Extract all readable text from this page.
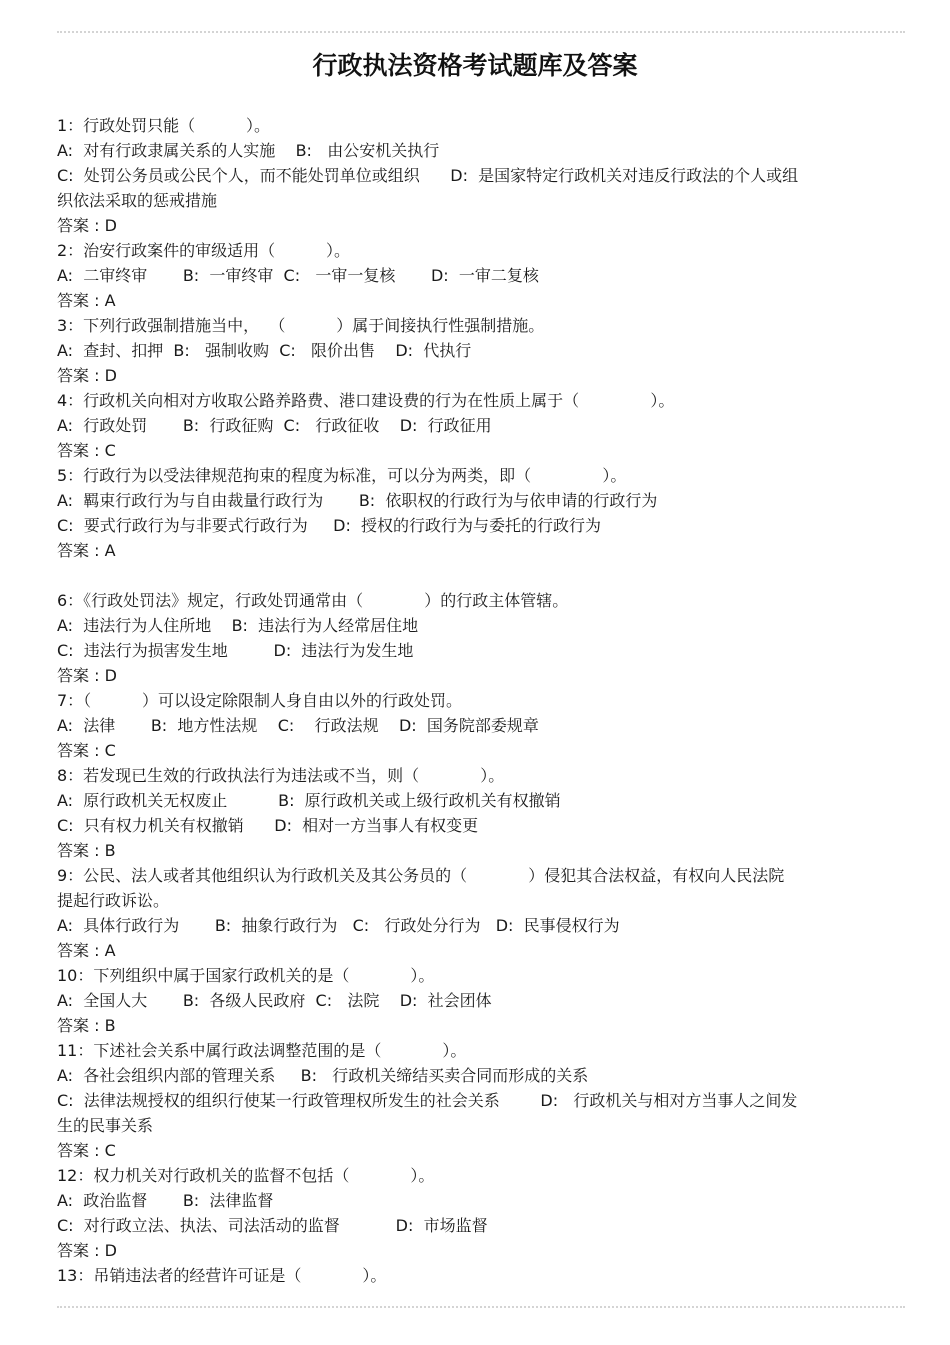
行政执法资格考试题库及答案
1：行政处罚只能（          ）。
A:  对有行政隶属关系的人实施    B:   由公安机关执行
C:  处罚公务员或公民个人，而不能处罚单位或组织      D:  是国家特定行政机关对违反行政法的个人或组
织依法采取的惩戒措施
答案 : D
2：治安行政案件的审级适用（          ）。
A:  二审终审       B:  一审终审  C:   一审一复核       D:  一审二复核
答案 : A
3：下列行政强制措施当中，  （          ）属于间接执行性强制措施。
A:  查封、扣押  B:   强制收购  C:   限价出售    D:  代执行
答案 : D
4：行政机关向相对方收取公路养路费、港口建设费的行为在性质上属于（              ）。
A:  行政处罚       B:  行政征购  C:   行政征收    D:  行政征用
答案 : C
5：行政行为以受法律规范拘束的程度为标准，可以分为两类，即（              ）。
A:  羁束行政行为与自由裁量行政行为       B:  依职权的行政行为与依申请的行政行为
C:  要式行政行为与非要式行政行为     D:  授权的行政行为与委托的行政行为
答案 : A
6：《行政处罚法》规定，行政处罚通常由（            ）的行政主体管辖。
A:  违法行为人住所地    B:  违法行为人经常居住地
C:  违法行为损害发生地         D:  违法行为发生地
答案 : D
7：（          ）可以设定除限制人身自由以外的行政处罚。
A:  法律       B:  地方性法规    C:    行政法规    D:  国务院部委规章
答案 : C
8：若发现已生效的行政执法行为违法或不当，则（            ）。
A:  原行政机关无权废止          B:  原行政机关或上级行政机关有权撤销
C:  只有权力机关有权撤销      D:  相对一方当事人有权变更
答案 : B
9：公民、法人或者其他组织认为行政机关及其公务员的（            ）侵犯其合法权益，有权向人民法院
提起行政诉讼。
A:  具体行政行为       B:  抽象行政行为   C:   行政处分行为   D:  民事侵权行为
答案 : A
10：下列组织中属于国家行政机关的是（            ）。
A:  全国人大       B:  各级人民政府  C:   法院    D:  社会团体
答案 : B
11：下述社会关系中属行政法调整范围的是（            ）。
A:  各社会组织内部的管理关系     B:   行政机关缔结买卖合同而形成的关系
C:  法律法规授权的组织行使某一行政管理权所发生的社会关系        D:   行政机关与相对方当事人之间发
生的民事关系
答案 : C
12：权力机关对行政机关的监督不包括（            ）。
A:  政治监督       B:  法律监督
C:  对行政立法、执法、司法活动的监督           D:  市场监督
答案 : D
13：吊销违法者的经营许可证是（            ）。
